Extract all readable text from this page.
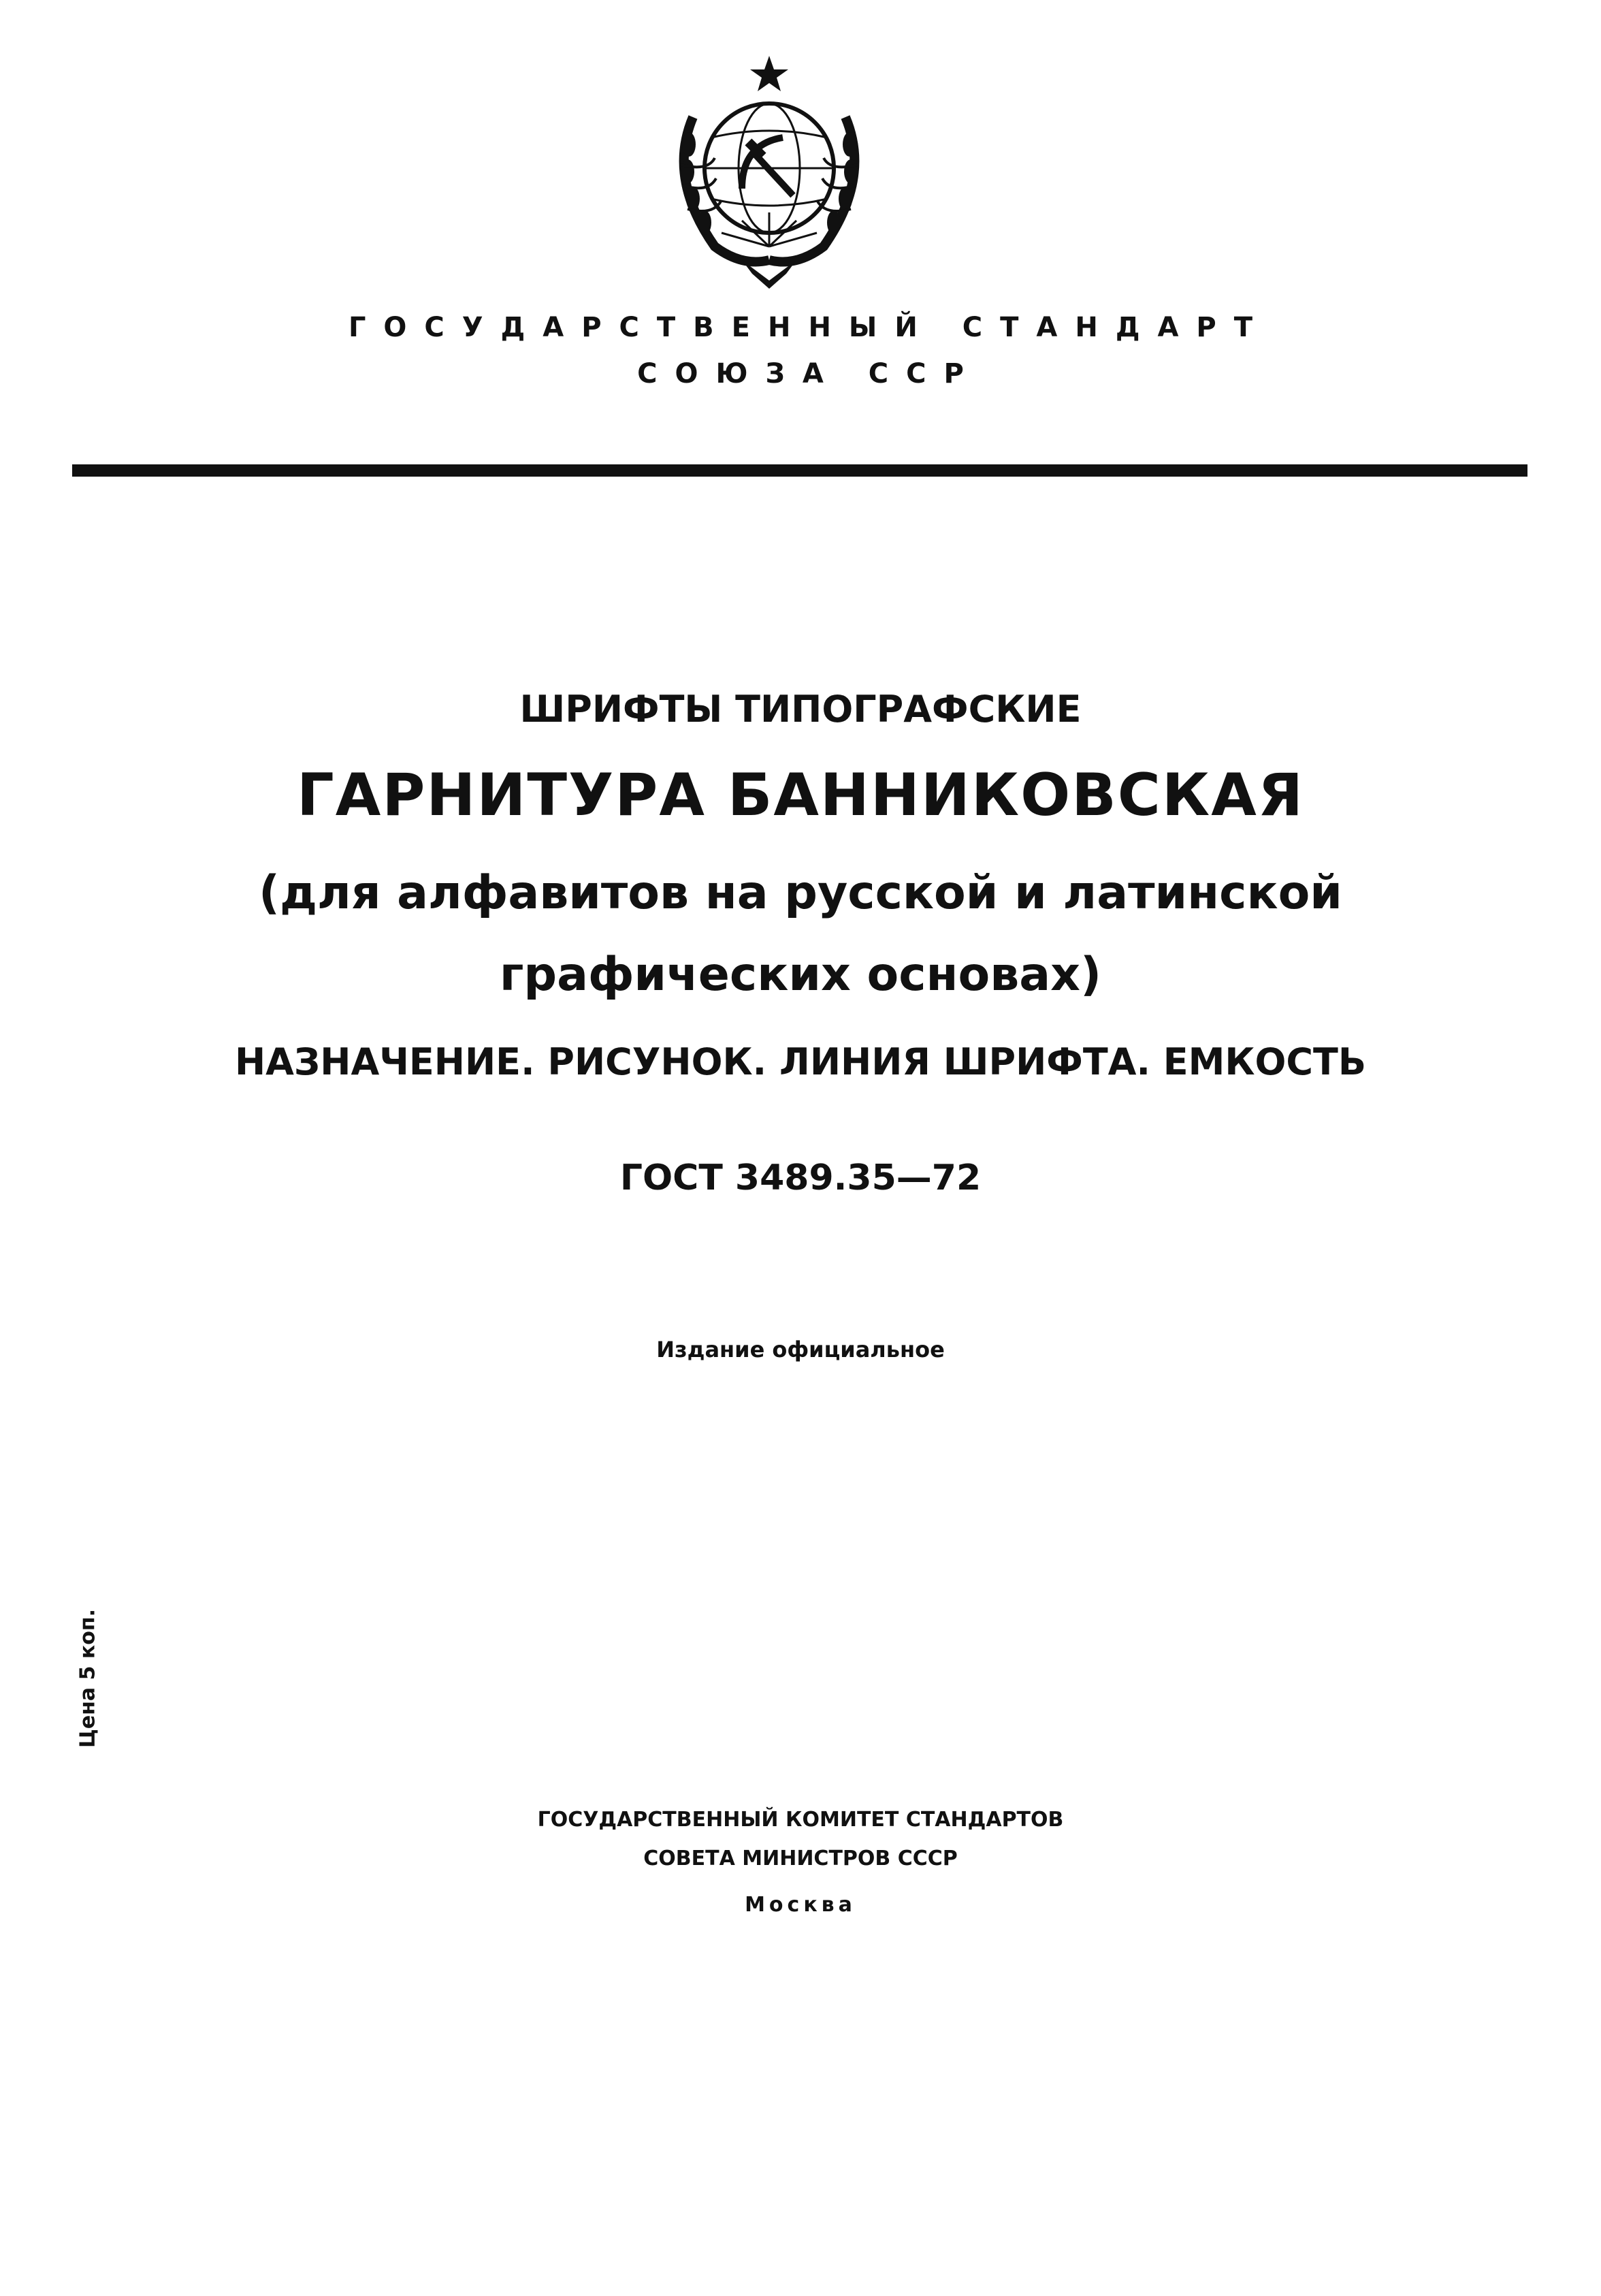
ГОСУДАРСТВЕННЫЙ СТАНДАРТ
СОЮЗА ССР
ШРИФТЫ ТИПОГРАФСКИЕ
ГАРНИТУРА БАННИКОВСКАЯ
(для алфавитов на русской и латинской
графических основах)
НАЗНАЧЕНИЕ. РИСУНОК. ЛИНИЯ ШРИФТА. ЕМКОСТЬ
ГОСТ 3489.35—72
Издание официальное
Цена 5 коп.
ГОСУДАРСТВЕННЫЙ КОМИТЕТ СТАНДАРТОВ
СОВЕТА МИНИСТРОВ СССР
Москва
